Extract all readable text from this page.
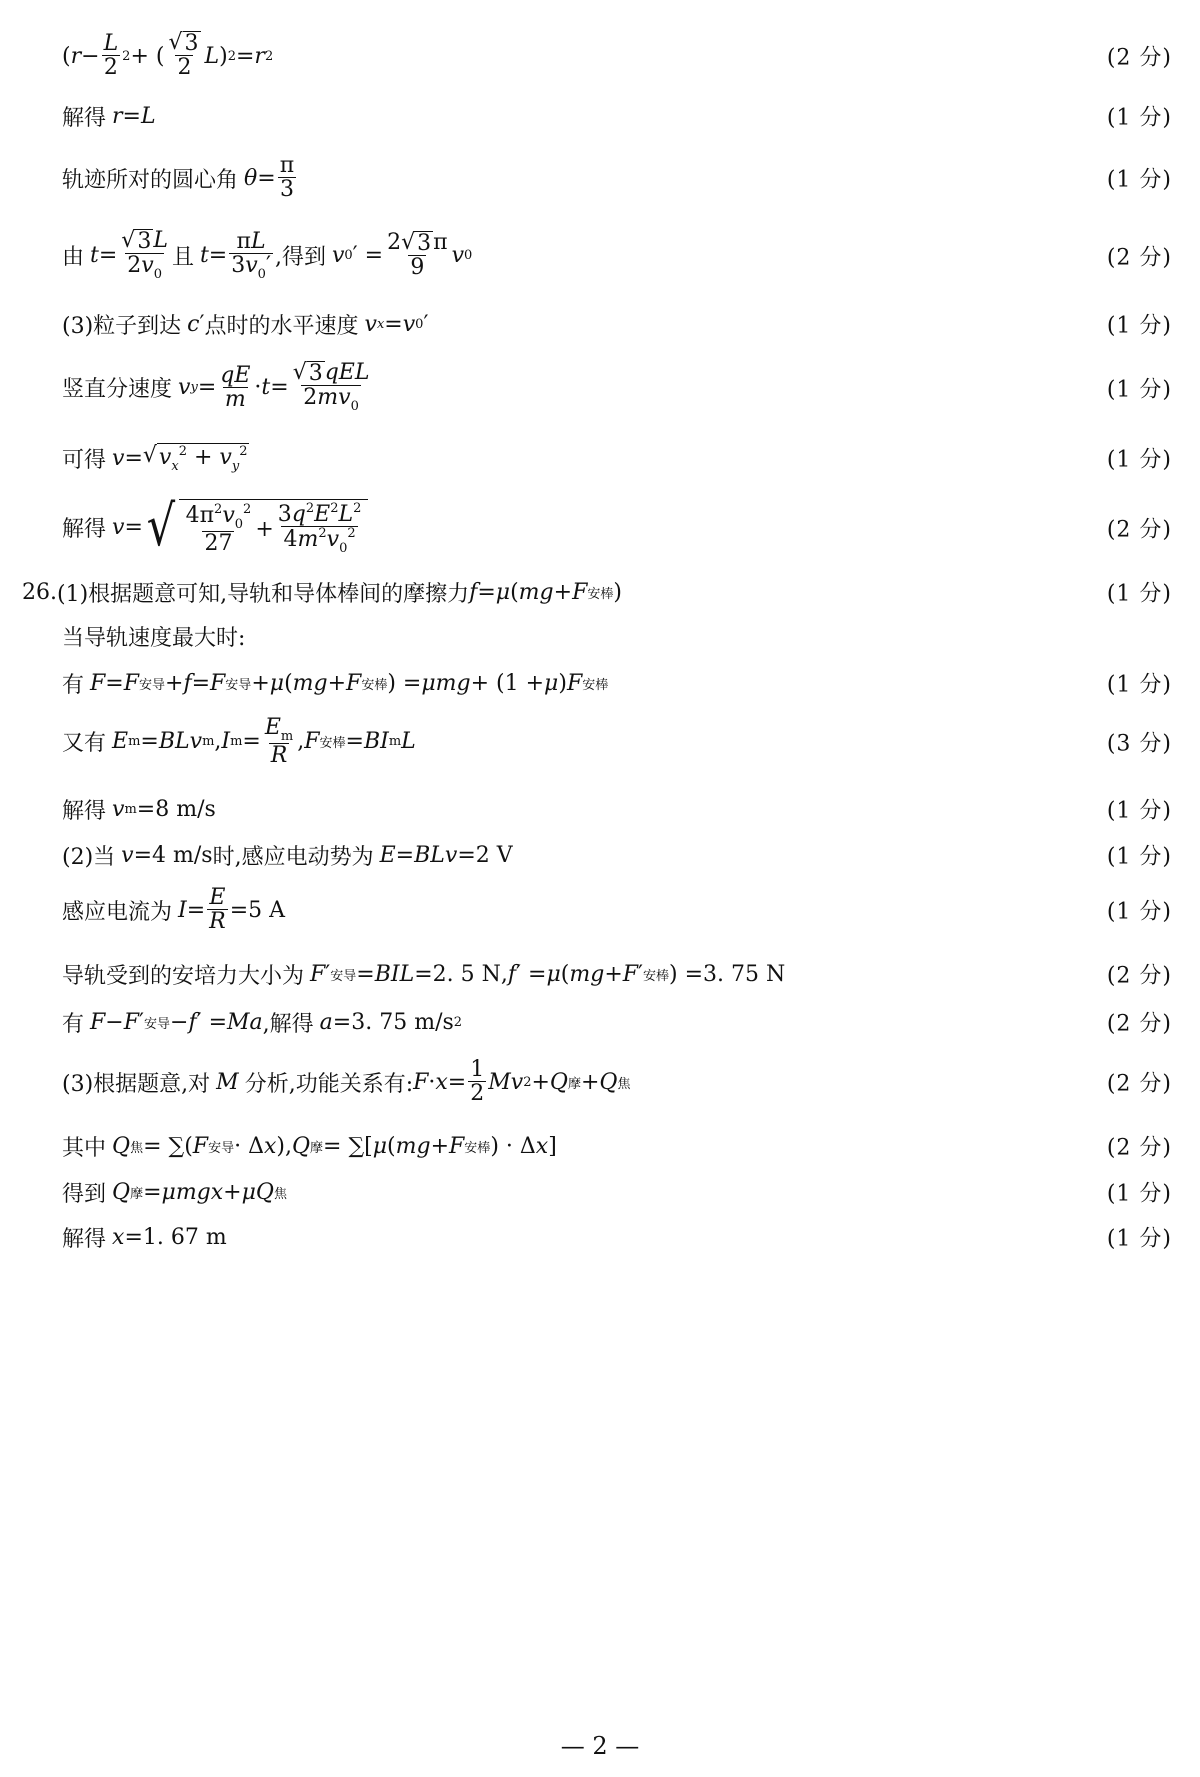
( $r - \frac{L}{2} 2$ + (
√ 3
2 L ) 2 = r 2	(2 分)
解得 r = L	(1 分)
轨迹所对的圆心角 $\theta = \frac{\pi}{3}$	(1 分)
由 $t = \frac{√ 3 L}{2v_0}$ 且 $t = \frac{\pi L}{3v_0'}$ ,得到 v 0 ′ = $\frac{2 √ 3 \pi}{9}$ v 0	(2 分)
(3)粒子到达 c ′ 点时的水平速度 v x = v 0 ′	(1 分)
竖直分速度 v $y = \frac{qE}{m} \cdot t$ =
√ 3 qEL
$2mv_0$
(1 分)
可得 v = √ $v_x^2 + v_y^2$	(1 分)
解得 v = √ $4\pi^2v_0^2$
27
+ $\frac{3q^2E^2L^2}{4m^2v_0^2}$	(2 分)
26. (1)根据题意可知,导轨和导体棒间的摩擦力 f = μ ( mg + F 安棒 )	(1 分)
当导轨速度最大时:
有 F = F 安导 + f = F 安导 + μ ( mg + F 安棒 ) = μmg + (1 + μ ) F 安棒	(1 分)
又有 E m = BLv m , I $m = \frac{E_m}{R}$ , F 安棒 = BI m L	(3 分)
解得 v m = 8 m/s	(1 分)
(2)当 v = 4 m/s 时,感应电动势为 E = BLv = 2 V	(1 分)
感应电流为 $I = \frac{E}{R} = 5$ A	(1 分)
导轨受到的安培力大小为 F ′ 安导 = BIL = 2. 5 N , f ′ = μ ( mg + F ′ 安棒 ) = 3. 75 N	(2 分)
有 F − F ′ 安导 − f ′ = Ma ,解得 a = 3. 75 m/s 2	(2 分)
(3)根据题意,对 M 分析,功能关系有: $F \cdot x = \frac{1}{2}$ Mv 2 + Q 摩 + Q 焦	(2 分)
其中 Q 焦 = ∑( F 安导 · Δ x ), Q 摩 = ∑[ μ ( mg + F 安棒 ) · Δ x ]	(2 分)
得到 Q 摩 = μmgx + μQ 焦	(1 分)
解得 x = 1. 67 m	(1 分)
— 2 —
